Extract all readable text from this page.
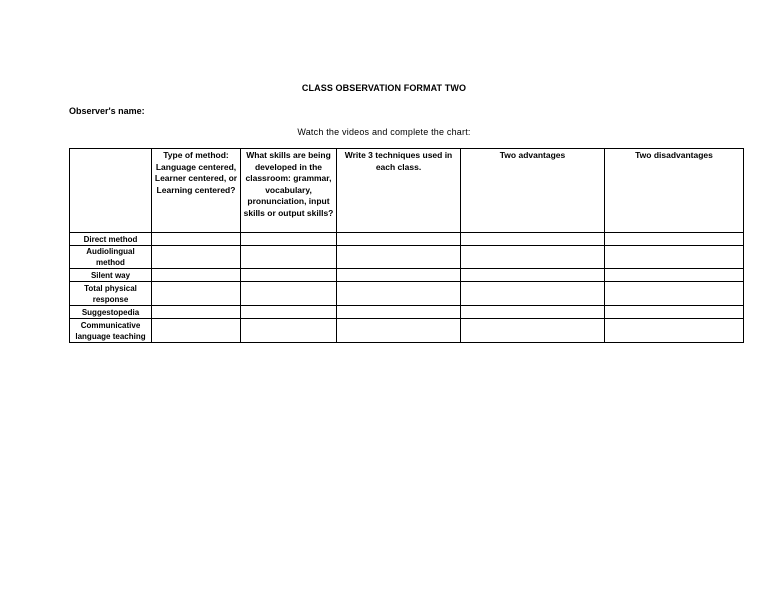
CLASS OBSERVATION FORMAT TWO
Observer's name:
Watch the videos and complete the chart:
	Type of method: Language centered, Learner centered, or Learning centered?	What skills are being developed in the classroom: grammar, vocabulary, pronunciation, input skills or output skills?	Write 3 techniques used in each class.	Two advantages	Two disadvantages
Direct method					
Audiolingual method					
Silent way					
Total physical response					
Suggestopedia					
Communicative language teaching					
